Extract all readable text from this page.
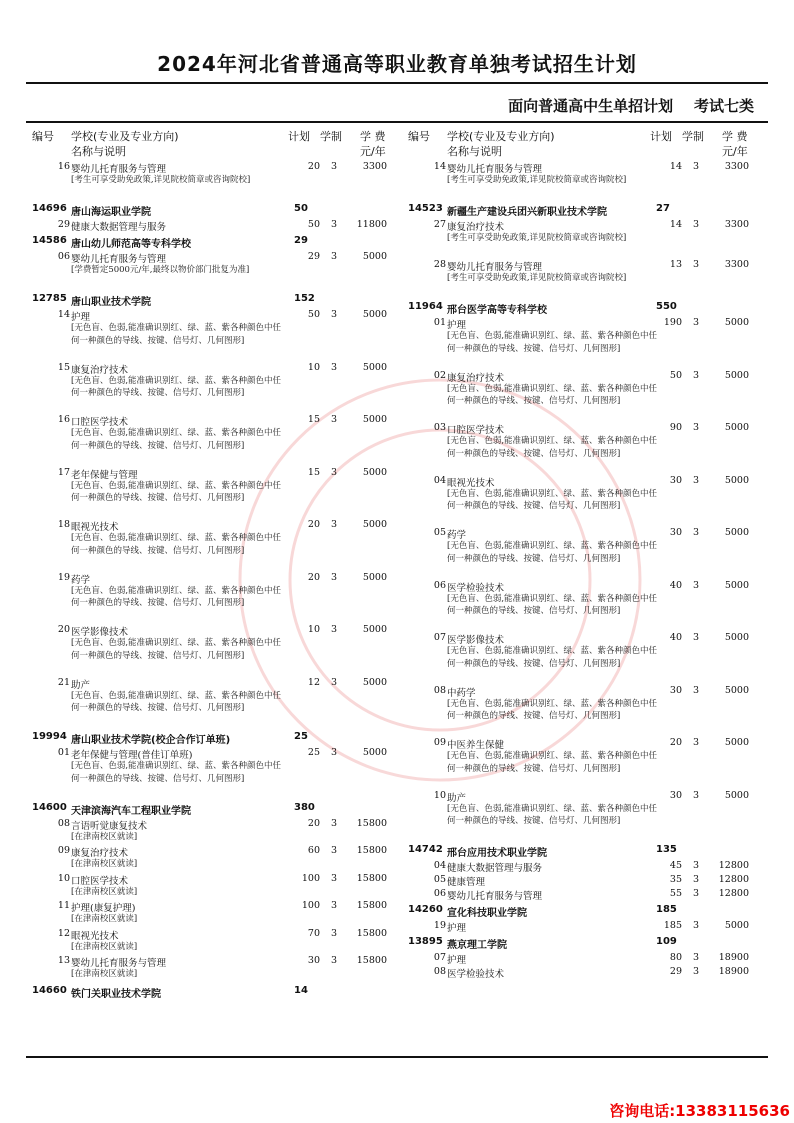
2024年河北省普通高等职业教育单独考试招生计划
面向普通高中生单招计划    考试七类
编号 学校(专业及专业方向)
名称与说明
计划 学制 学 费
元/年
16 婴幼儿托育服务与管理	20 3	3300
[考生可享受助免政策,详见院校简章或咨询院校]
14696 唐山海运职业学院	50
29 健康大数据管理与服务	50 3	11800
14586 唐山幼儿师范高等专科学校	29
06 婴幼儿托育服务与管理	29 3	5000
[学费暂定5000元/年,最终以物价部门批复为准]
12785 唐山职业技术学院	152
14 护理	50 3	5000
[无色盲、色弱,能准确识别红、绿、蓝、紫各种颜色中任何一种颜色的导线、按键、信号灯、几何图形]
15 康复治疗技术	10 3	5000
[无色盲、色弱,能准确识别红、绿、蓝、紫各种颜色中任何一种颜色的导线、按键、信号灯、几何图形]
16 口腔医学技术	15 3	5000
[无色盲、色弱,能准确识别红、绿、蓝、紫各种颜色中任何一种颜色的导线、按键、信号灯、几何图形]
17 老年保健与管理	15 3	5000
[无色盲、色弱,能准确识别红、绿、蓝、紫各种颜色中任何一种颜色的导线、按键、信号灯、几何图形]
18 眼视光技术	20 3	5000
[无色盲、色弱,能准确识别红、绿、蓝、紫各种颜色中任何一种颜色的导线、按键、信号灯、几何图形]
19 药学	20 3	5000
[无色盲、色弱,能准确识别红、绿、蓝、紫各种颜色中任何一种颜色的导线、按键、信号灯、几何图形]
20 医学影像技术	10 3	5000
[无色盲、色弱,能准确识别红、绿、蓝、紫各种颜色中任何一种颜色的导线、按键、信号灯、几何图形]
21 助产	12 3	5000
[无色盲、色弱,能准确识别红、绿、蓝、紫各种颜色中任何一种颜色的导线、按键、信号灯、几何图形]
19994 唐山职业技术学院(校企合作订单班)	25
01 老年保健与管理(普佳订单班)	25 3	5000
[无色盲、色弱,能准确识别红、绿、蓝、紫各种颜色中任何一种颜色的导线、按键、信号灯、几何图形]
14600 天津滨海汽车工程职业学院	380
08 言语听觉康复技术	20 3	15800
[在津南校区就读]
09 康复治疗技术	60 3	15800
[在津南校区就读]
10 口腔医学技术	100 3	15800
[在津南校区就读]
11 护理(康复护理)	100 3	15800
[在津南校区就读]
12 眼视光技术	70 3	15800
[在津南校区就读]
13 婴幼儿托育服务与管理	30 3	15800
[在津南校区就读]
14660 铁门关职业技术学院	14
编号 学校(专业及专业方向)
名称与说明
计划 学制 学 费
元/年
14 婴幼儿托育服务与管理	14 3	3300
[考生可享受助免政策,详见院校简章或咨询院校]
14523 新疆生产建设兵团兴新职业技术学院	27
27 康复治疗技术	14 3	3300
[考生可享受助免政策,详见院校简章或咨询院校]
28 婴幼儿托育服务与管理	13 3	3300
[考生可享受助免政策,详见院校简章或咨询院校]
11964 邢台医学高等专科学校	550
01 护理	190 3	5000
[无色盲、色弱,能准确识别红、绿、蓝、紫各种颜色中任何一种颜色的导线、按键、信号灯、几何图形]
02 康复治疗技术	50 3	5000
[无色盲、色弱,能准确识别红、绿、蓝、紫各种颜色中任何一种颜色的导线、按键、信号灯、几何图形]
03 口腔医学技术	90 3	5000
[无色盲、色弱,能准确识别红、绿、蓝、紫各种颜色中任何一种颜色的导线、按键、信号灯、几何图形]
04 眼视光技术	30 3	5000
[无色盲、色弱,能准确识别红、绿、蓝、紫各种颜色中任何一种颜色的导线、按键、信号灯、几何图形]
05 药学	30 3	5000
[无色盲、色弱,能准确识别红、绿、蓝、紫各种颜色中任何一种颜色的导线、按键、信号灯、几何图形]
06 医学检验技术	40 3	5000
[无色盲、色弱,能准确识别红、绿、蓝、紫各种颜色中任何一种颜色的导线、按键、信号灯、几何图形]
07 医学影像技术	40 3	5000
[无色盲、色弱,能准确识别红、绿、蓝、紫各种颜色中任何一种颜色的导线、按键、信号灯、几何图形]
08 中药学	30 3	5000
[无色盲、色弱,能准确识别红、绿、蓝、紫各种颜色中任何一种颜色的导线、按键、信号灯、几何图形]
09 中医养生保健	20 3	5000
[无色盲、色弱,能准确识别红、绿、蓝、紫各种颜色中任何一种颜色的导线、按键、信号灯、几何图形]
10 助产	30 3	5000
[无色盲、色弱,能准确识别红、绿、蓝、紫各种颜色中任何一种颜色的导线、按键、信号灯、几何图形]
14742 邢台应用技术职业学院	135
04 健康大数据管理与服务	45 3	12800
05 健康管理	35 3	12800
06 婴幼儿托育服务与管理	55 3	12800
14260 宣化科技职业学院	185
19 护理	185 3	5000
13895 燕京理工学院	109
07 护理	80 3	18900
08 医学检验技术	29 3	18900
咨询电话:13383115636
